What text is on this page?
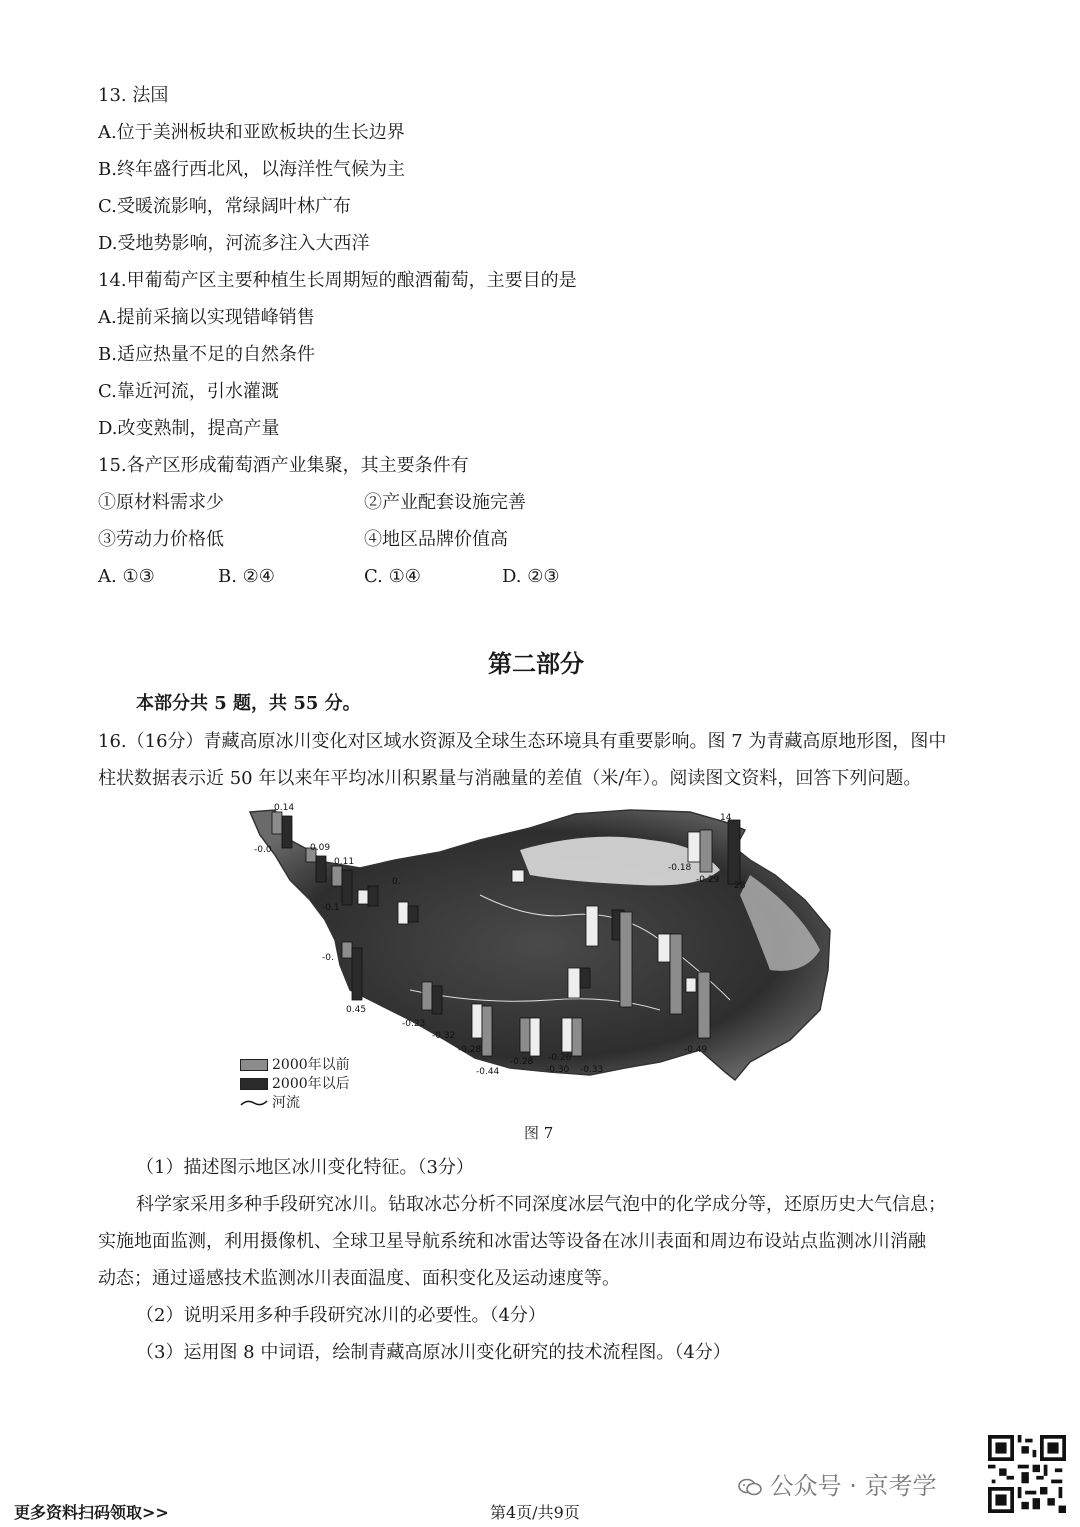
13. 法国
A.位于美洲板块和亚欧板块的生长边界
B.终年盛行西北风，以海洋性气候为主
C.受暖流影响，常绿阔叶林广布
D.受地势影响，河流多注入大西洋
14.甲葡萄产区主要种植生长周期短的酿酒葡萄，主要目的是
A.提前采摘以实现错峰销售
B.适应热量不足的自然条件
C.靠近河流，引水灌溉
D.改变熟制，提高产量
15.各产区形成葡萄酒产业集聚，其主要条件有
①原材料需求少	②产业配套设施完善
③劳动力价格低	④地区品牌价值高
A. ①③	B. ②④	C. ①④	D. ②③
第二部分
本部分共 5 题，共 55 分。
16.（16分）青藏高原冰川变化对区域水资源及全球生态环境具有重要影响。图 7 为青藏高原地形图，图中
柱状数据表示近 50 年以来年平均冰川积累量与消融量的差值（米/年）。阅读图文资料，回答下列问题。
0.14
-0.0	0.09
0.11
-0.1
0.
-0.
0.45
-0.23
-0.32
-0.28
-0.44
-0.28 -0.26
-0.30 -0.33
-0.49
-0.18
-0.29
14
28
2000年以前
2000年以后
河流
图 7
（1）描述图示地区冰川变化特征。（3分）
科学家采用多种手段研究冰川。钻取冰芯分析不同深度冰层气泡中的化学成分等，还原历史大气信息；
实施地面监测，利用摄像机、全球卫星导航系统和冰雷达等设备在冰川表面和周边布设站点监测冰川消融
动态；通过遥感技术监测冰川表面温度、面积变化及运动速度等。
（2）说明采用多种手段研究冰川的必要性。（4分）
（3）运用图 8 中词语，绘制青藏高原冰川变化研究的技术流程图。（4分）
公众号 · 京考学
更多资料扫码领取>>	第4页/共9页
